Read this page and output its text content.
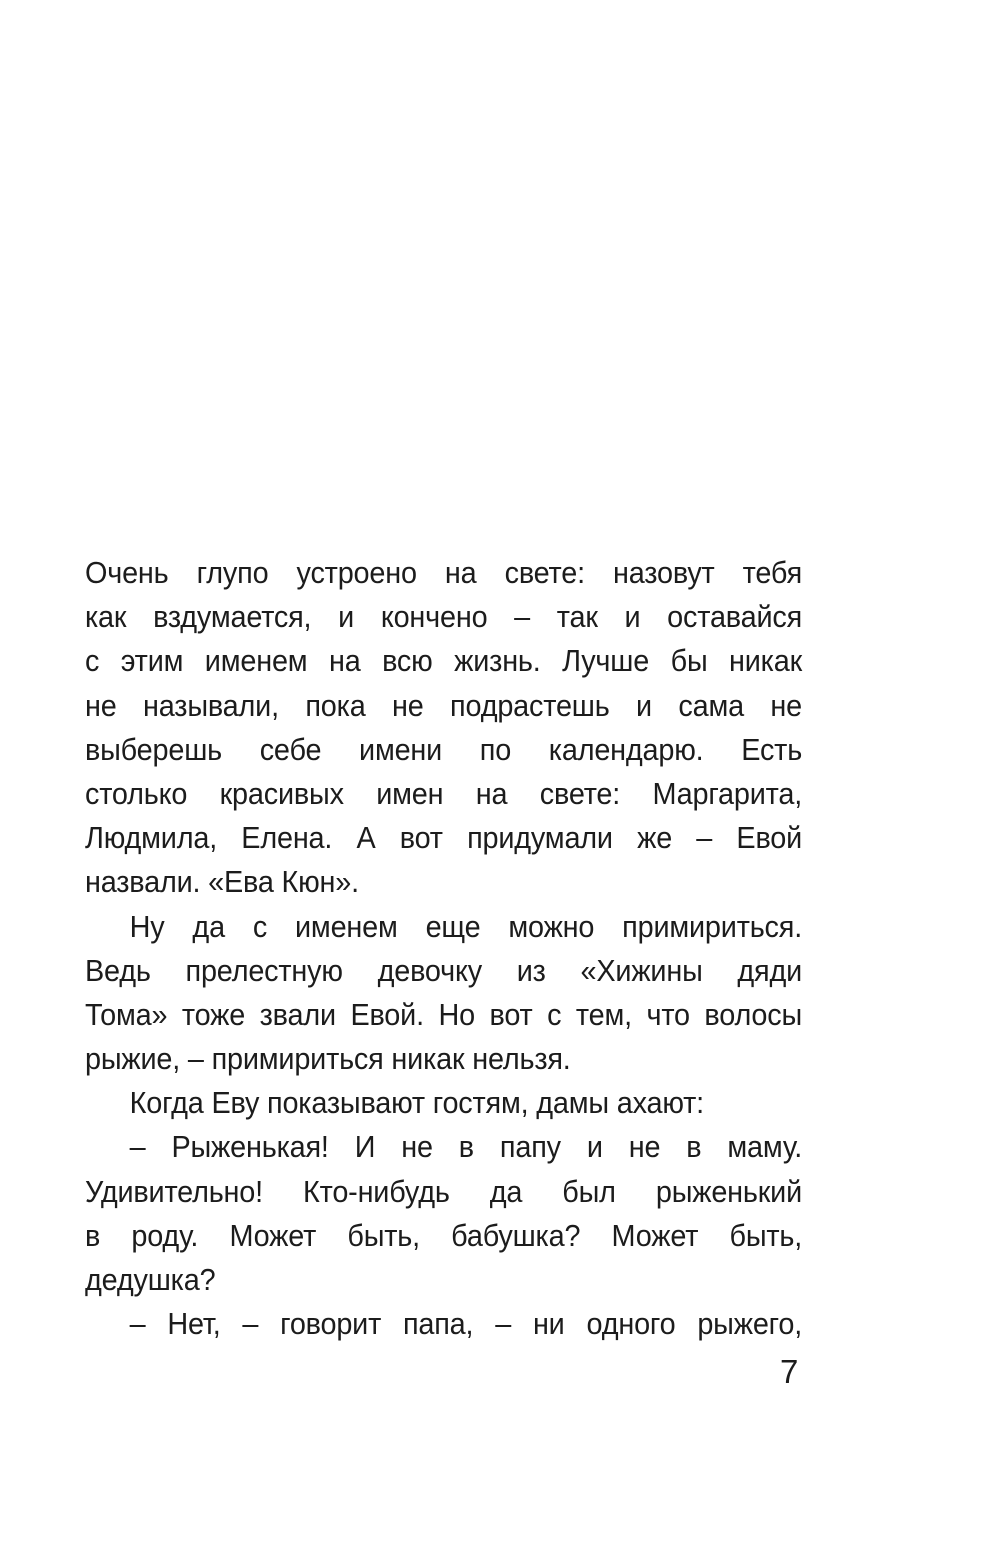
Очень глупо устроено на свете: назовут тебя
как вздумается, и кончено – так и оставайся
с этим именем на всю жизнь. Лучше бы никак
не называли, пока не подрастешь и сама не
выберешь себе имени по календарю. Есть
столько красивых имен на свете: Маргарита,
Людмила, Елена. А вот придумали же – Евой
назвали. «Ева Кюн».
Ну да с именем еще можно примириться.
Ведь прелестную девочку из «Хижины дяди
Тома» тоже звали Евой. Но вот с тем, что волосы
рыжие, – примириться никак нельзя.
Когда Еву показывают гостям, дамы ахают:
– Рыженькая! И не в папу и не в маму.
Удивительно! Кто-нибудь да был рыженький
в роду. Может быть, бабушка? Может быть,
дедушка?
– Нет, – говорит папа, – ни одного рыжего,
7
